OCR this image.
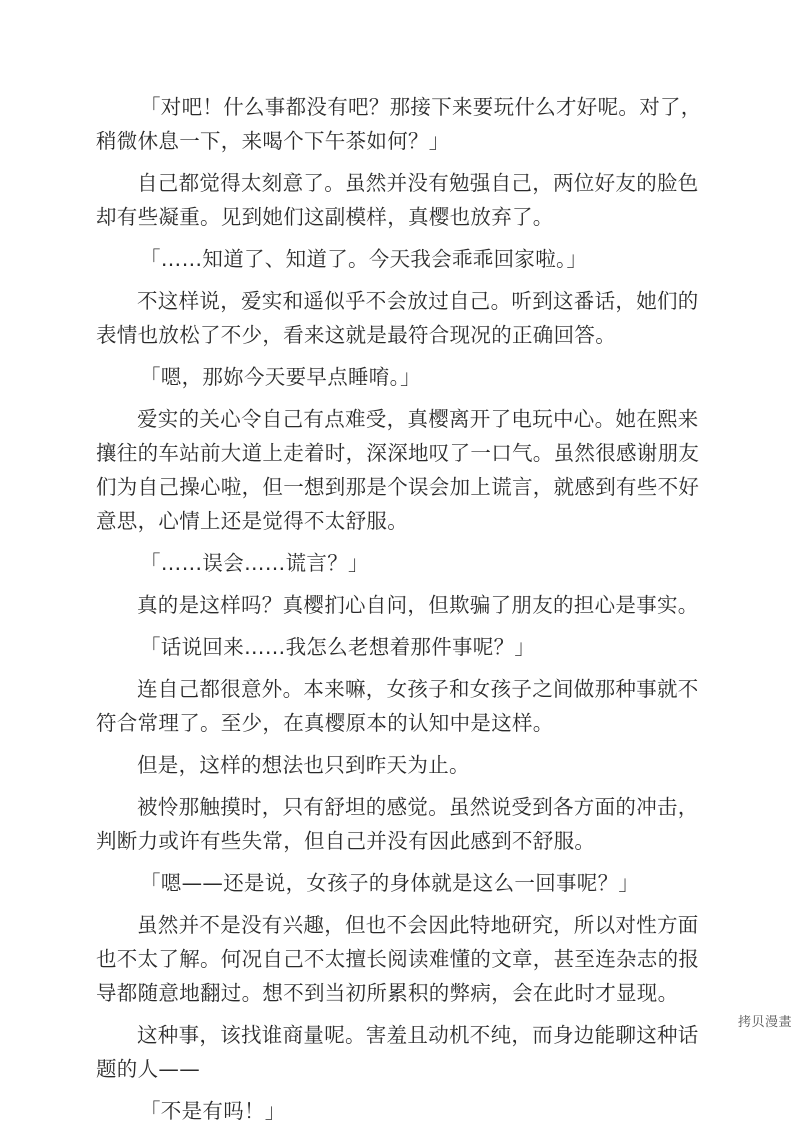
「对吧！什么事都没有吧？那接下来要玩什么才好呢。对了，稍微休息一下，来喝个下午茶如何？」

自己都觉得太刻意了。虽然并没有勉强自己，两位好友的脸色却有些凝重。见到她们这副模样，真樱也放弃了。

「……知道了、知道了。今天我会乖乖回家啦。」

不这样说，爱实和遥似乎不会放过自己。听到这番话，她们的表情也放松了不少，看来这就是最符合现况的正确回答。

「嗯，那妳今天要早点睡唷。」

爱实的关心令自己有点难受，真樱离开了电玩中心。她在熙来攘往的车站前大道上走着时，深深地叹了一口气。虽然很感谢朋友们为自己操心啦，但一想到那是个误会加上谎言，就感到有些不好意思，心情上还是觉得不太舒服。

「……误会……谎言？」

真的是这样吗？真樱扪心自问，但欺骗了朋友的担心是事实。

「话说回来……我怎么老想着那件事呢？」

连自己都很意外。本来嘛，女孩子和女孩子之间做那种事就不符合常理了。至少，在真樱原本的认知中是这样。

但是，这样的想法也只到昨天为止。

被怜那触摸时，只有舒坦的感觉。虽然说受到各方面的冲击，判断力或许有些失常，但自己并没有因此感到不舒服。

「嗯——还是说，女孩子的身体就是这么一回事呢？」

虽然并不是没有兴趣，但也不会因此特地研究，所以对性方面也不太了解。何况自己不太擅长阅读难懂的文章，甚至连杂志的报导都随意地翻过。想不到当初所累积的弊病，会在此时才显现。

这种事，该找谁商量呢。害羞且动机不纯，而身边能聊这种话题的人——

「不是有吗！」

拷贝漫畫
